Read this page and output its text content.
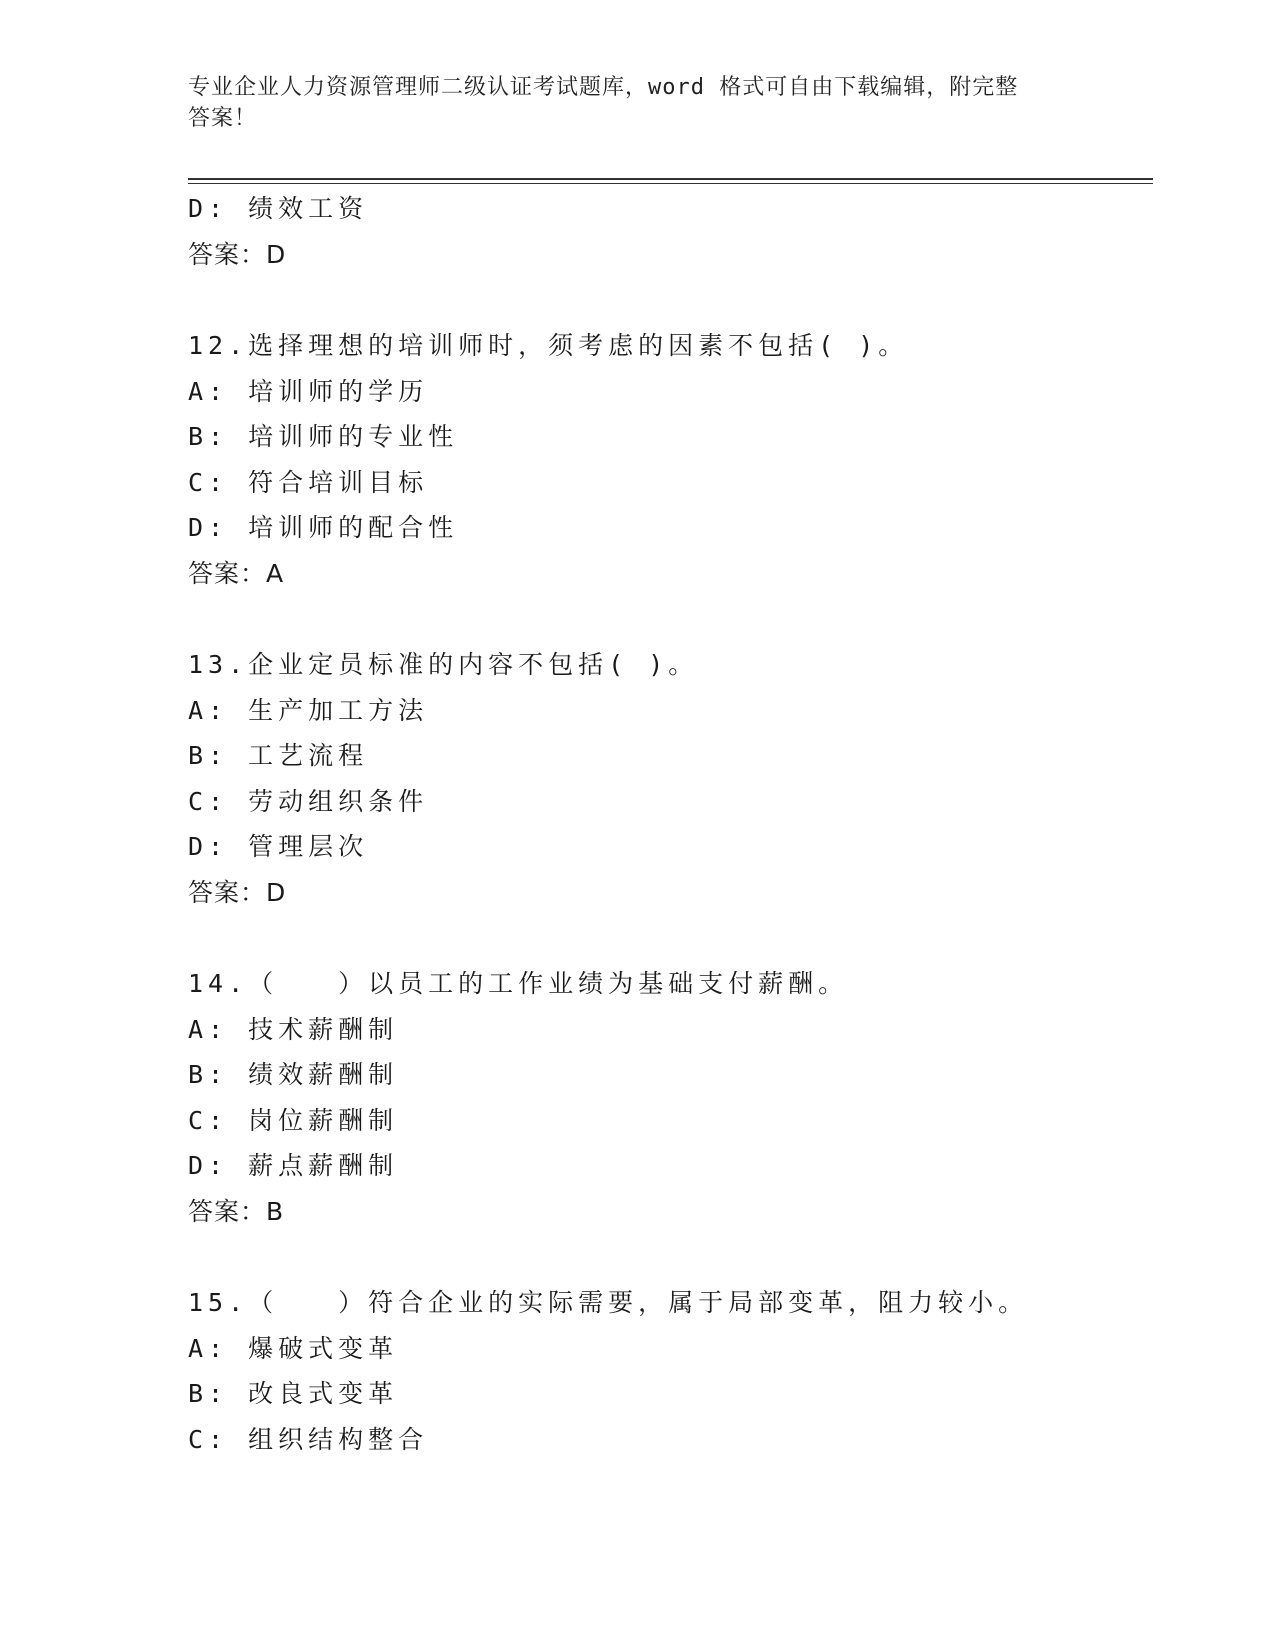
专业企业人力资源管理师二级认证考试题库，word 格式可自由下载编辑，附完整
答案！
D: 绩效工资
答案：D
12.选择理想的培训师时，须考虑的因素不包括( )。
A: 培训师的学历
B: 培训师的专业性
C: 符合培训目标
D: 培训师的配合性
答案：A
13.企业定员标准的内容不包括( )。
A: 生产加工方法
B: 工艺流程
C: 劳动组织条件
D: 管理层次
答案：D
14.（　　）以员工的工作业绩为基础支付薪酬。
A: 技术薪酬制
B: 绩效薪酬制
C: 岗位薪酬制
D: 薪点薪酬制
答案：B
15.（　　）符合企业的实际需要，属于局部变革，阻力较小。
A: 爆破式变革
B: 改良式变革
C: 组织结构整合
